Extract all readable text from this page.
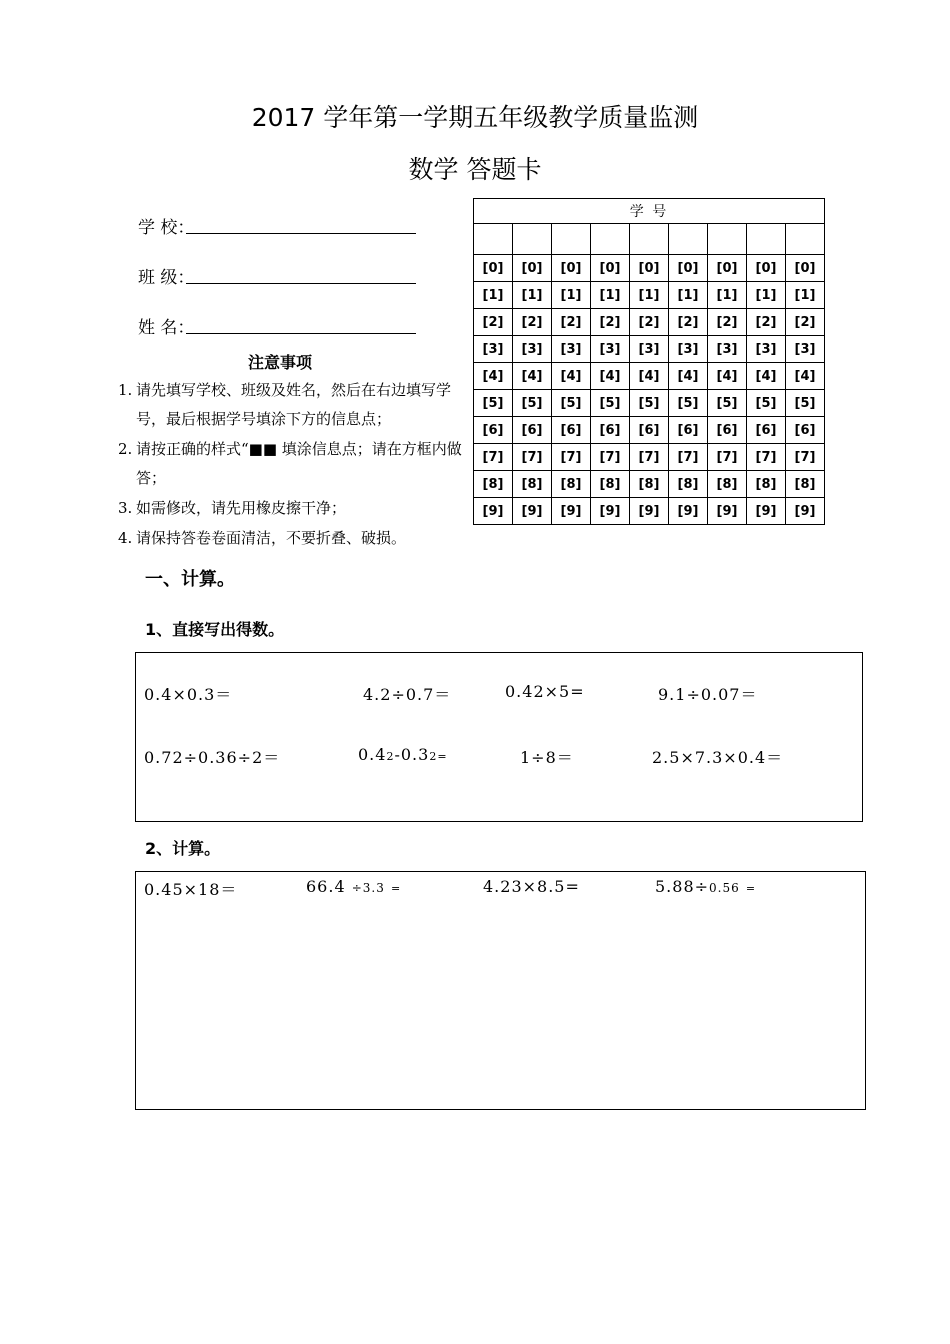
2017 学年第一学期五年级教学质量监测
数学 答题卡
学 校：
班 级：
姓 名：
注意事项
1. 请先填写学校、班级及姓名，然后在右边填写学号，最后根据学号填涂下方的信息点；
2. 请按正确的样式“■■ 填涂信息点；请在方框内做答；
3. 如需修改，请先用橡皮擦干净；
4. 请保持答卷卷面清洁，不要折叠、破损。
学 号								

[0]	[0]	[0]	[0]	[0]	[0]	[0]	[0]	[0]
[1]	[1]	[1]	[1]	[1]	[1]	[1]	[1]	[1]
[2]	[2]	[2]	[2]	[2]	[2]	[2]	[2]	[2]
[3]	[3]	[3]	[3]	[3]	[3]	[3]	[3]	[3]
[4]	[4]	[4]	[4]	[4]	[4]	[4]	[4]	[4]
[5]	[5]	[5]	[5]	[5]	[5]	[5]	[5]	[5]
[6]	[6]	[6]	[6]	[6]	[6]	[6]	[6]	[6]
[7]	[7]	[7]	[7]	[7]	[7]	[7]	[7]	[7]
[8]	[8]	[8]	[8]	[8]	[8]	[8]	[8]	[8]
[9]	[9]	[9]	[9]	[9]	[9]	[9]	[9]	[9]
一、计算。
1、直接写出得数。
0.4×0.3＝	4.2÷0.7＝	0.42×5=	9.1÷0.07＝
0.72÷0.36÷2＝	0.42-0.32=	1÷8＝	2.5×7.3×0.4＝
2、计算。
0.45×18＝	66.4 ÷3.3 =	4.23×8.5=	5.88÷0.56 =
